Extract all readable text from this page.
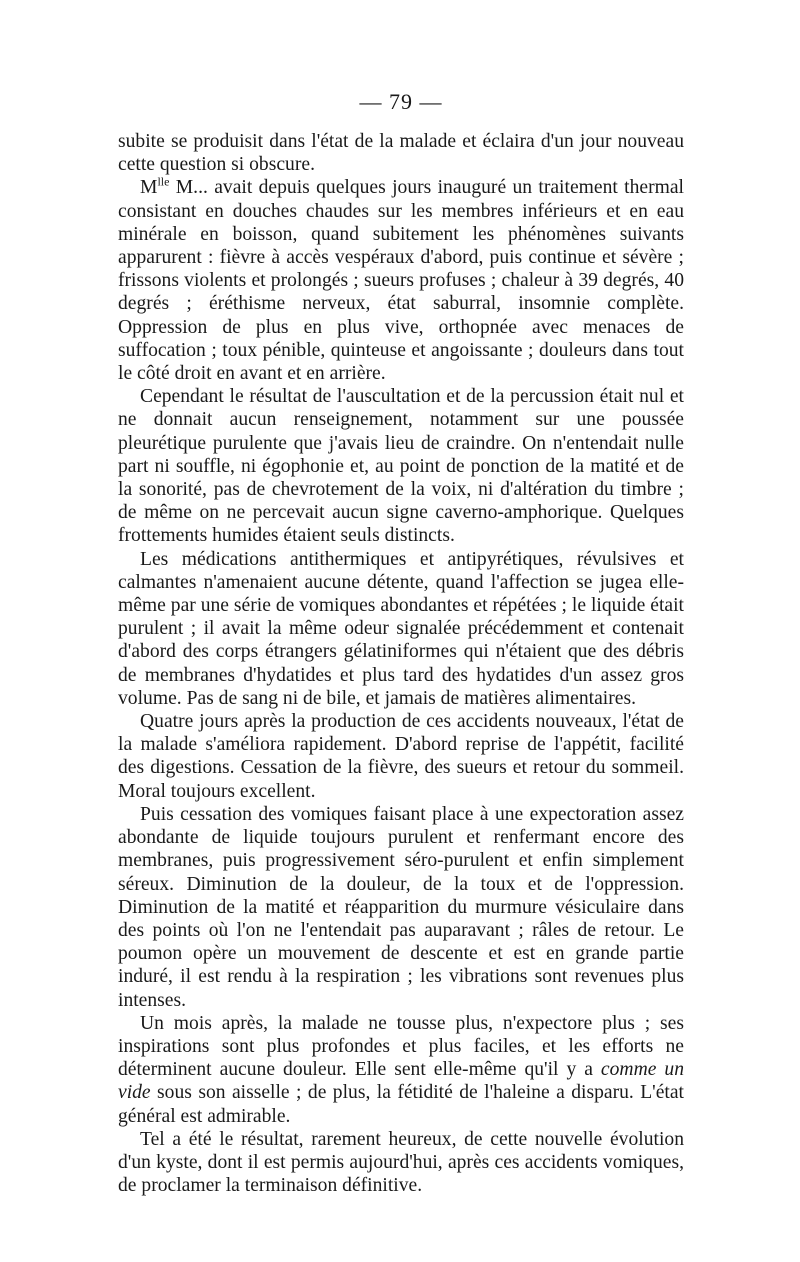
— 79 —

subite se produisit dans l'état de la malade et éclaira d'un jour nouveau cette question si obscure.

$M^{lle}$ M... avait depuis quelques jours inauguré un traitement thermal consistant en douches chaudes sur les membres inférieurs et en eau minérale en boisson, quand subitement les phénomènes suivants apparurent : fièvre à accès vespéraux d'abord, puis continue et sévère ; frissons violents et prolongés ; sueurs profuses ; chaleur à 39 degrés, 40 degrés ; éréthisme nerveux, état saburral, insomnie complète. Oppression de plus en plus vive, orthopnée avec menaces de suffocation ; toux pénible, quinteuse et angoissante ; douleurs dans tout le côté droit en avant et en arrière.

Cependant le résultat de l'auscultation et de la percussion était nul et ne donnait aucun renseignement, notamment sur une poussée pleurétique purulente que j'avais lieu de craindre. On n'entendait nulle part ni souffle, ni égophonie et, au point de ponction de la matité et de la sonorité, pas de chevrotement de la voix, ni d'altération du timbre ; de même on ne percevait aucun signe caverno-amphorique. Quelques frottements humides étaient seuls distincts.

Les médications antithermiques et antipyrétiques, révulsives et calmantes n'amenaient aucune détente, quand l'affection se jugea elle-même par une série de vomiques abondantes et répétées ; le liquide était purulent ; il avait la même odeur signalée précédemment et contenait d'abord des corps étrangers gélatiniformes qui n'étaient que des débris de membranes d'hydatides et plus tard des hydatides d'un assez gros volume. Pas de sang ni de bile, et jamais de matières alimentaires.

Quatre jours après la production de ces accidents nouveaux, l'état de la malade s'améliora rapidement. D'abord reprise de l'appétit, facilité des digestions. Cessation de la fièvre, des sueurs et retour du sommeil. Moral toujours excellent.

Puis cessation des vomiques faisant place à une expectoration assez abondante de liquide toujours purulent et renfermant encore des membranes, puis progressivement séro-purulent et enfin simplement séreux. Diminution de la douleur, de la toux et de l'oppression. Diminution de la matité et réapparition du murmure vésiculaire dans des points où l'on ne l'entendait pas auparavant ; râles de retour. Le poumon opère un mouvement de descente et est en grande partie induré, il est rendu à la respiration ; les vibrations sont revenues plus intenses.

Un mois après, la malade ne tousse plus, n'expectore plus ; ses inspirations sont plus profondes et plus faciles, et les efforts ne déterminent aucune douleur. Elle sent elle-même qu'il y a comme un vide sous son aisselle ; de plus, la fétidité de l'haleine a disparu. L'état général est admirable.

Tel a été le résultat, rarement heureux, de cette nouvelle évolution d'un kyste, dont il est permis aujourd'hui, après ces accidents vomiques, de proclamer la terminaison définitive.
